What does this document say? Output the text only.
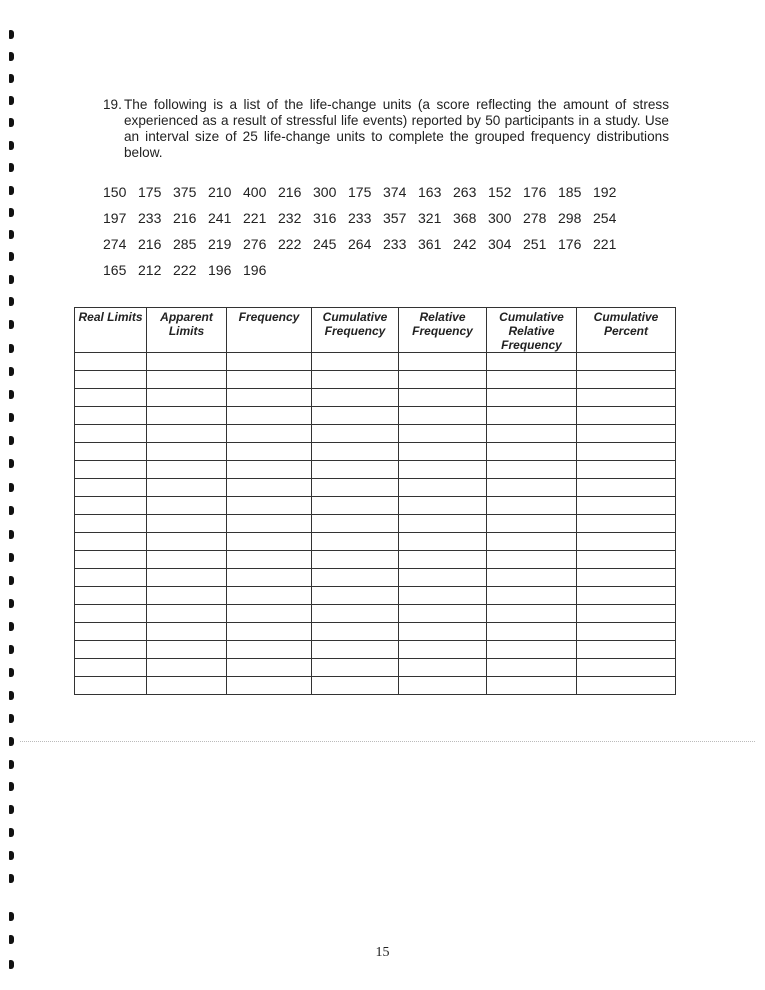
19. The following is a list of the life-change units (a score reflecting the amount of stress experienced as a result of stressful life events) reported by 50 participants in a study. Use an interval size of 25 life-change units to complete the grouped frequency distributions below.
150 175 375 210 400 216 300 175 374 163 263 152 176 185 192
197 233 216 241 221 232 316 233 357 321 368 300 278 298 254
274 216 285 219 276 222 245 264 233 361 242 304 251 176 221
165 212 222 196 196
Real Limits	Apparent Limits	Frequency	Cumulative Frequency	Relative Frequency	Cumulative Relative Frequency	Cumulative Percent

15
